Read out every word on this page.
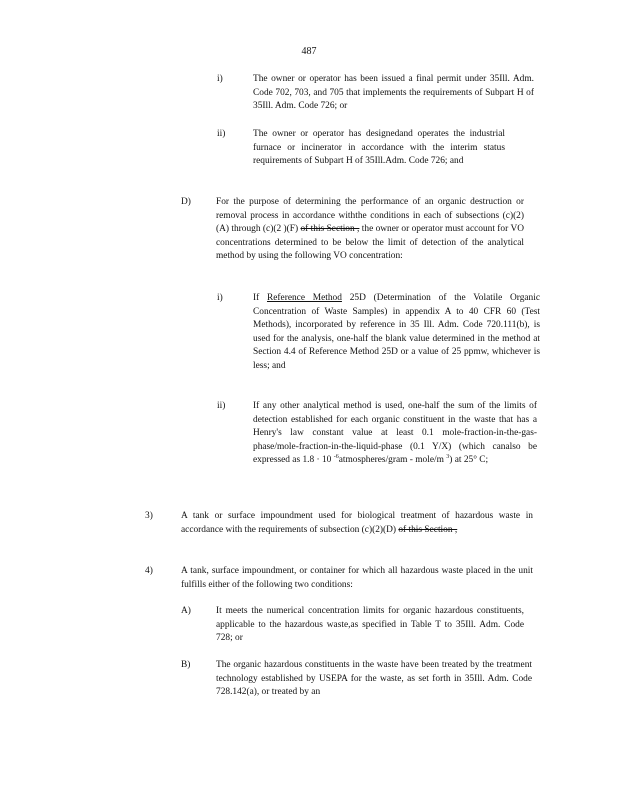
487
i)	The owner or operator has been issued a final permit under 35Ill. Adm. Code 702, 703, and 705 that implements the requirements of Subpart H of 35Ill. Adm. Code 726; or
ii)	The owner or operator has designedand operates the industrial furnace or incinerator in accordance with the interim status requirements of Subpart H of 35Ill.Adm. Code 726; and
D)	For the purpose of determining the performance of an organic destruction or removal process in accordance withthe conditions in each of subsections (c)(2)(A) through (c)(2 )(F) of this Section , the owner or operator must account for VO concentrations determined to be below the limit of detection of the analytical method by using the following VO concentration:
i)	If Reference Method 25D (Determination of the Volatile Organic Concentration of Waste Samples) in appendix A to 40 CFR 60 (Test Methods), incorporated by reference in 35 Ill. Adm. Code 720.111(b), is used for the analysis, one-half the blank value determined in the method at Section 4.4 of Reference Method 25D or a value of 25 ppmw, whichever is less; and
ii)	If any other analytical method is used, one-half the sum of the limits of detection established for each organic constituent in the waste that has a Henry's law constant value at least 0.1 mole-fraction-in-the-gas-phase/mole-fraction-in-the-liquid-phase (0.1 Y/X) (which canalso be expressed as 1.8 · 10 $^{-6}$atmospheres/gram - mole/m $^3$) at 25° C;
3)	A tank or surface impoundment used for biological treatment of hazardous waste in accordance with the requirements of subsection (c)(2)(D) of this Section ,
4)	A tank, surface impoundment, or container for which all hazardous waste placed in the unit fulfills either of the following two conditions:
A)	It meets the numerical concentration limits for organic hazardous constituents, applicable to the hazardous waste,as specified in Table T to 35Ill. Adm. Code 728; or
B)	The organic hazardous constituents in the waste have been treated by the treatment technology established by USEPA for the waste, as set forth in 35Ill. Adm. Code 728.142(a), or treated by an
